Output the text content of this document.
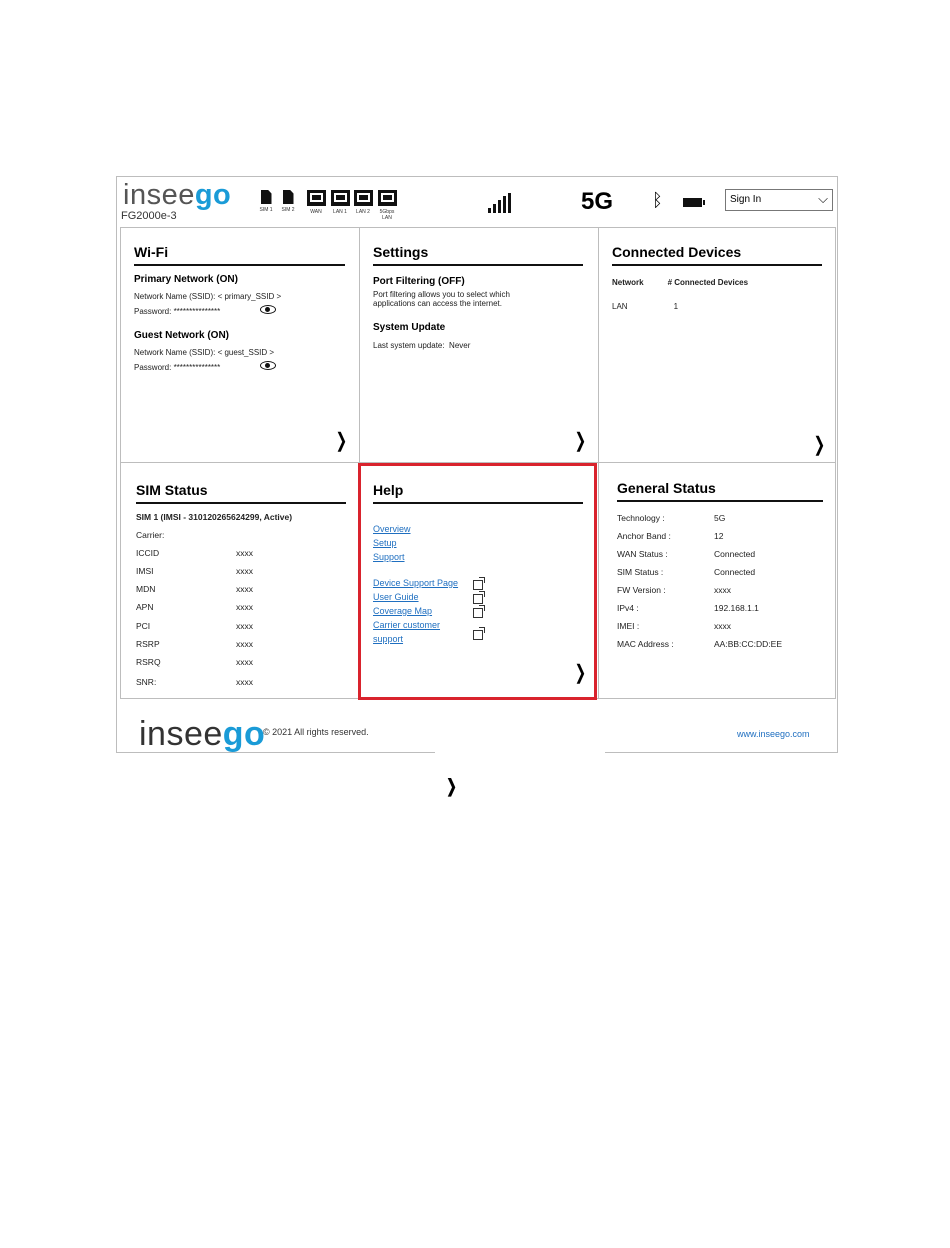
inseego
FG2000e-3	SIM 1 SIM 2	WAN	LAN 1	LAN 2	5Gbps LAN
5G ᛒ	Sign In	⌵
Wi-Fi
Primary Network (ON)
Network Name (SSID): < primary_SSID >
Password: ***************
Guest Network (ON)
Network Name (SSID): < guest_SSID >
Password: ***************
❯
Settings
Port Filtering (OFF)
Port filtering allows you to select which
applications can access the internet.
System Update
Last system update: Never
❯
Connected Devices
Network	# Connected Devices
LAN	1
❯
SIM Status
SIM 1 (IMSI - 310120265624299, Active)
Carrier:
ICCID	xxxx
IMSI	xxxx
MDN	xxxx
APN	xxxx
PCI	xxxx
RSRP	xxxx
RSRQ	xxxx
SNR:	xxxx
Help
Overview
Setup
Support
Device Support Page
User Guide
Coverage Map
Carrier customer
support
❯
General Status
Technology :	5G
Anchor Band :	12
WAN Status :	Connected
SIM Status :	Connected
FW Version :	xxxx
IPv4 :	192.168.1.1
IMEI :	xxxx
MAC Address :	AA:BB:CC:DD:EE
inseego
© 2021 All rights reserved.	www.inseego.com
❯
